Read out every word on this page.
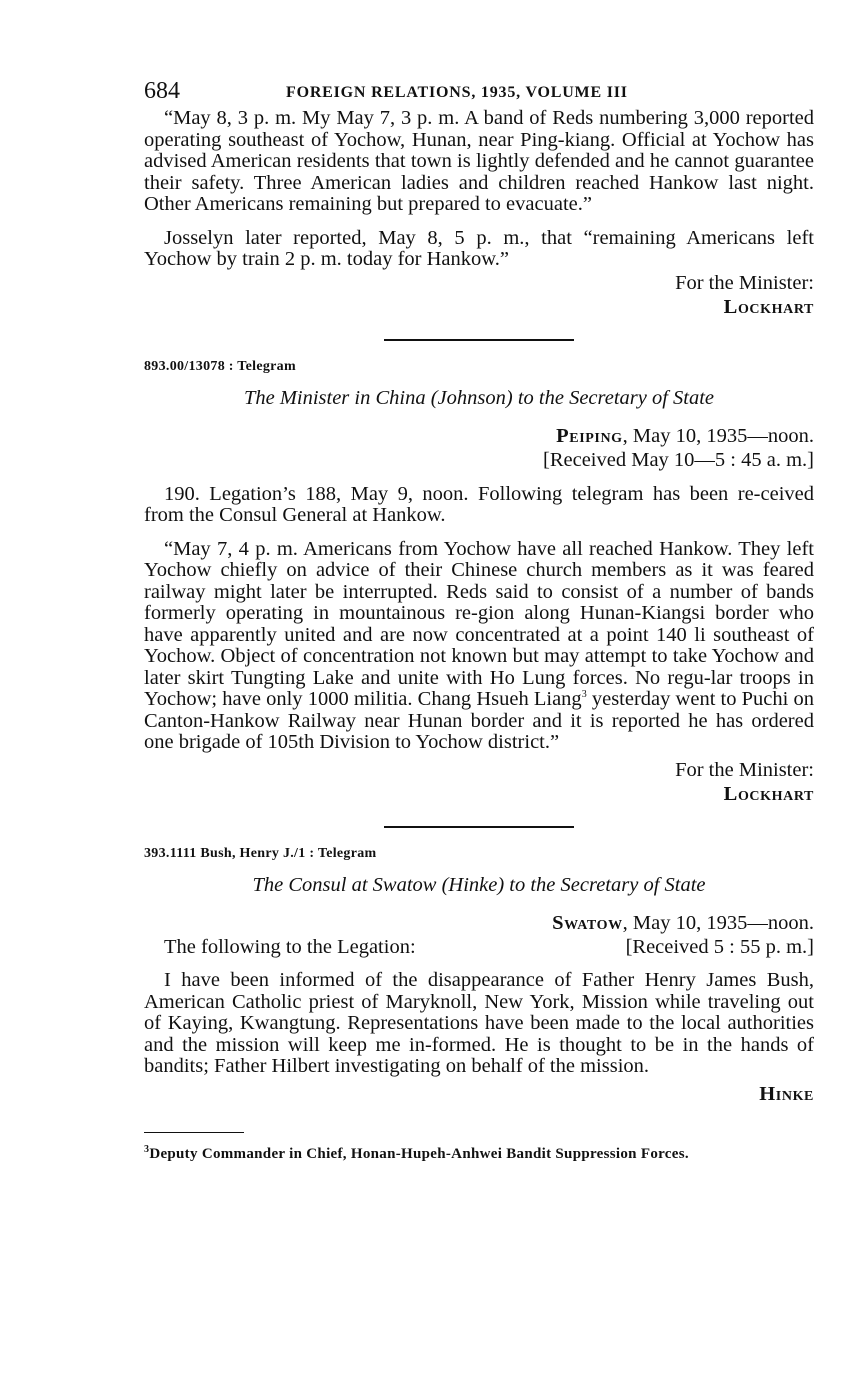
684	FOREIGN RELATIONS, 1935, VOLUME III

“May 8, 3 p. m. My May 7, 3 p. m. A band of Reds numbering 3,000 reported operating southeast of Yochow, Hunan, near Ping-kiang. Official at Yochow has advised American residents that town is lightly defended and he cannot guarantee their safety. Three American ladies and children reached Hankow last night. Other Americans remaining but prepared to evacuate.”

Josselyn later reported, May 8, 5 p. m., that “remaining Americans left Yochow by train 2 p. m. today for Hankow.”

For the Minister:
Lockhart
893.00/13078 : Telegram
The Minister in China (Johnson) to the Secretary of State
Peiping, May 10, 1935—noon.
[Received May 10—5 : 45 a. m.]

190. Legation’s 188, May 9, noon. Following telegram has been re-ceived from the Consul General at Hankow.

“May 7, 4 p. m. Americans from Yochow have all reached Hankow. They left Yochow chiefly on advice of their Chinese church members as it was feared railway might later be interrupted. Reds said to consist of a number of bands formerly operating in mountainous re-gion along Hunan-Kiangsi border who have apparently united and are now concentrated at a point 140 li southeast of Yochow. Object of concentration not known but may attempt to take Yochow and later skirt Tungting Lake and unite with Ho Lung forces. No regu-lar troops in Yochow; have only 1000 militia. Chang Hsueh Liang$^3$ yesterday went to Puchi on Canton-Hankow Railway near Hunan border and it is reported he has ordered one brigade of 105th Division to Yochow district.”

For the Minister:
Lockhart
393.1111 Bush, Henry J./1 : Telegram
The Consul at Swatow (Hinke) to the Secretary of State
Swatow, May 10, 1935—noon.
[Received 5 : 55 p. m.]

The following to the Legation:

I have been informed of the disappearance of Father Henry James Bush, American Catholic priest of Maryknoll, New York, Mission while traveling out of Kaying, Kwangtung. Representations have been made to the local authorities and the mission will keep me in-formed. He is thought to be in the hands of bandits; Father Hilbert investigating on behalf of the mission.

Hinke
$^3$Deputy Commander in Chief, Honan-Hupeh-Anhwei Bandit Suppression Forces.
